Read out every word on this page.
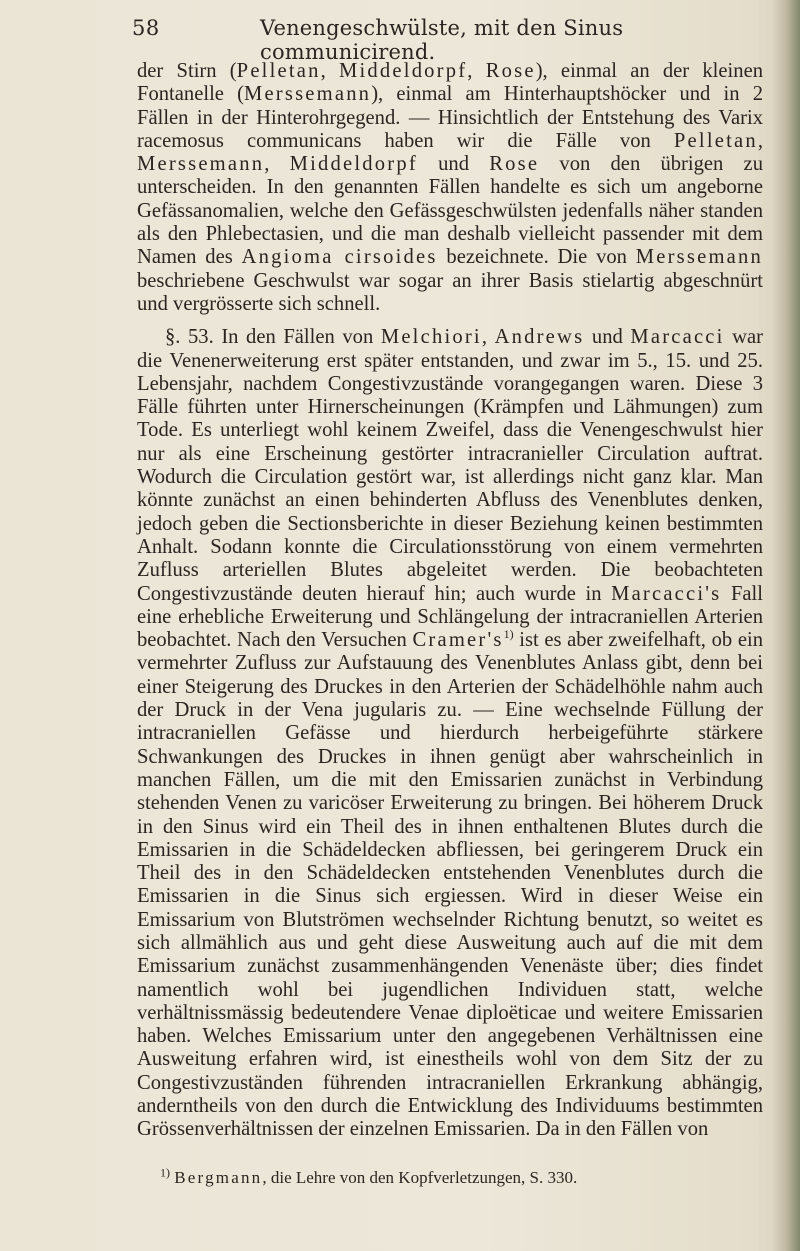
58	Venengeschwülste, mit den Sinus communicirend.

der Stirn (Pelletan, Middeldorpf, Rose), einmal an der kleinen Fontanelle (Merssemann), einmal am Hinterhauptshöcker und in 2 Fällen in der Hinterohrgegend. — Hinsichtlich der Entstehung des Varix racemosus communicans haben wir die Fälle von Pelletan, Merssemann, Middeldorpf und Rose von den übrigen zu unterscheiden. In den genannten Fällen handelte es sich um angeborne Gefässanomalien, welche den Gefässgeschwülsten jedenfalls näher standen als den Phlebectasien, und die man deshalb vielleicht passender mit dem Namen des Angioma cirsoides bezeichnete. Die von Merssemann beschriebene Geschwulst war sogar an ihrer Basis stielartig abgeschnürt und vergrösserte sich schnell.

§. 53. In den Fällen von Melchiori, Andrews und Marcacci war die Venenerweiterung erst später entstanden, und zwar im 5., 15. und 25. Lebensjahr, nachdem Congestivzustände vorangegangen waren. Diese 3 Fälle führten unter Hirnerscheinungen (Krämpfen und Lähmungen) zum Tode. Es unterliegt wohl keinem Zweifel, dass die Venengeschwulst hier nur als eine Erscheinung gestörter intracranieller Circulation auftrat. Wodurch die Circulation gestört war, ist allerdings nicht ganz klar. Man könnte zunächst an einen behinderten Abfluss des Venenblutes denken, jedoch geben die Sectionsberichte in dieser Beziehung keinen bestimmten Anhalt. Sodann konnte die Circulationsstörung von einem vermehrten Zufluss arteriellen Blutes abgeleitet werden. Die beobachteten Congestivzustände deuten hierauf hin; auch wurde in Marcacci's Fall eine erhebliche Erweiterung und Schlängelung der intracraniellen Arterien beobachtet. Nach den Versuchen $Cramer's^{1)}$ ist es aber zweifelhaft, ob ein vermehrter Zufluss zur Aufstauung des Venenblutes Anlass gibt, denn bei einer Steigerung des Druckes in den Arterien der Schädelhöhle nahm auch der Druck in der Vena jugularis zu. — Eine wechselnde Füllung der intracraniellen Gefässe und hierdurch herbeigeführte stärkere Schwankungen des Druckes in ihnen genügt aber wahrscheinlich in manchen Fällen, um die mit den Emissarien zunächst in Verbindung stehenden Venen zu varicöser Erweiterung zu bringen. Bei höherem Druck in den Sinus wird ein Theil des in ihnen enthaltenen Blutes durch die Emissarien in die Schädeldecken abfliessen, bei geringerem Druck ein Theil des in den Schädeldecken entstehenden Venenblutes durch die Emissarien in die Sinus sich ergiessen. Wird in dieser Weise ein Emissarium von Blutströmen wechselnder Richtung benutzt, so weitet es sich allmählich aus und geht diese Ausweitung auch auf die mit dem Emissarium zunächst zusammenhängenden Venenäste über; dies findet namentlich wohl bei jugendlichen Individuen statt, welche verhältnissmässig bedeutendere Venae diploëticae und weitere Emissarien haben. Welches Emissarium unter den angegebenen Verhältnissen eine Ausweitung erfahren wird, ist einestheils wohl von dem Sitz der zu Congestivzuständen führenden intracraniellen Erkrankung abhängig, anderntheils von den durch die Entwicklung des Individuums bestimmten Grössenverhältnissen der einzelnen Emissarien. Da in den Fällen von

$^{1)}$ Bergmann, die Lehre von den Kopfverletzungen, S. 330.
